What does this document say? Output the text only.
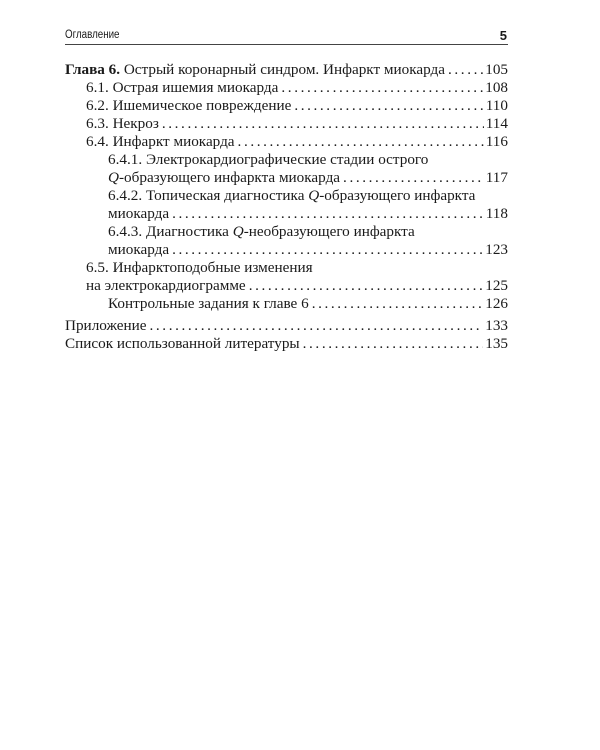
Оглавление	5
Глава 6. Острый коронарный синдром. Инфаркт миокарда .....	105
6.1. Острая ишемия миокарда .....	108
6.2. Ишемическое повреждение .....	110
6.3. Некроз .....	114
6.4. Инфаркт миокарда .....	116
6.4.1. Электрокардиографические стадии острого
Q-образующего инфаркта миокарда .....	117
6.4.2. Топическая диагностика Q-образующего инфаркта
миокарда .....	118
6.4.3. Диагностика Q-необразующего инфаркта
миокарда .....	123
6.5. Инфарктоподобные изменения
на электрокардиограмме .....	125
Контрольные задания к главе 6 .....	126
Приложение .....	133
Список использованной литературы .....	135
